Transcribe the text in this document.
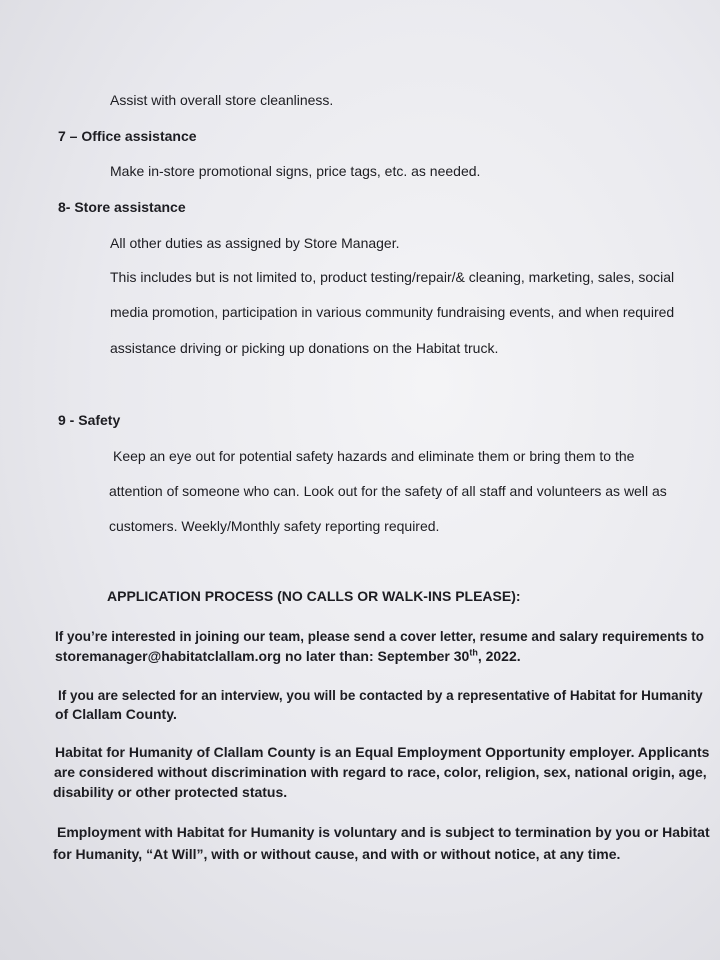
Assist with overall store cleanliness.
7 – Office assistance
Make in-store promotional signs, price tags, etc. as needed.
8- Store assistance
All other duties as assigned by Store Manager.
This includes but is not limited to, product testing/repair/& cleaning, marketing, sales, social
media promotion, participation in various community fundraising events, and when required
assistance driving or picking up donations on the Habitat truck.
9 - Safety
Keep an eye out for potential safety hazards and eliminate them or bring them to the
attention of someone who can. Look out for the safety of all staff and volunteers as well as
customers. Weekly/Monthly safety reporting required.
APPLICATION PROCESS (NO CALLS OR WALK-INS PLEASE):
If you’re interested in joining our team, please send a cover letter, resume and salary requirements to
storemanager@habitatclallam.org no later than: September 30th, 2022.
If you are selected for an interview, you will be contacted by a representative of Habitat for Humanity
of Clallam County.
Habitat for Humanity of Clallam County is an Equal Employment Opportunity employer. Applicants
are considered without discrimination with regard to race, color, religion, sex, national origin, age,
disability or other protected status.
Employment with Habitat for Humanity is voluntary and is subject to termination by you or Habitat
for Humanity, “At Will”, with or without cause, and with or without notice, at any time.
